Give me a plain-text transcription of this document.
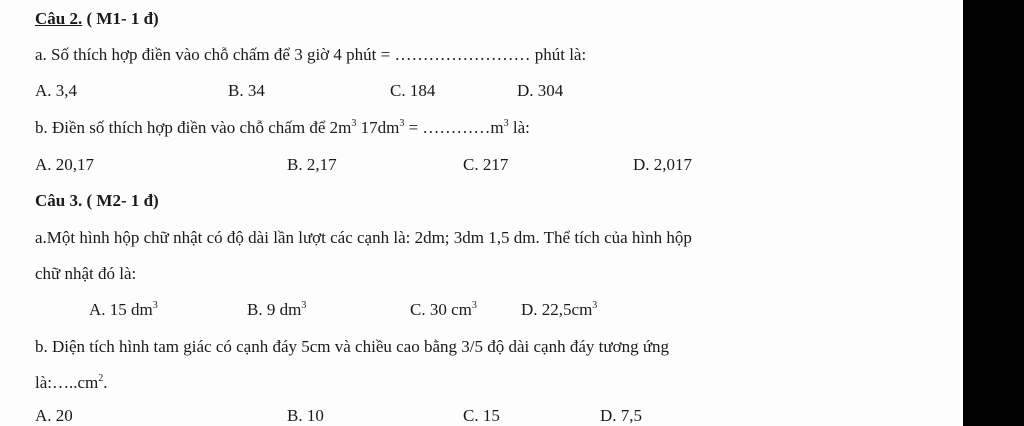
Câu 2. ( M1- 1 đ)
a. Số thích hợp điền vào chỗ chấm để 3 giờ 4 phút = …………………… phút là:
A. 3,4	B. 34	C. 184	D. 304
b. Điền số thích hợp điền vào chỗ chấm để $2m^3$ $17dm^3$ = $\dots\dots\dots\dots m^3$ là:
A. 20,17	B. 2,17	C. 217	D. 2,017
Câu 3. ( M2- 1 đ)
a.Một hình hộp chữ nhật có độ dài lần lượt các cạnh là: 2dm; 3dm 1,5 dm. Thể tích của hình hộp
chữ nhật đó là:
A. 15 $dm^3$	B. 9 $dm^3$	C. 30 $cm^3$	D. $22,5cm^3$
b. Diện tích hình tam giác có cạnh đáy 5cm và chiều cao bằng 3/5 độ dài cạnh đáy tương ứng
$là:\dots..cm^2$.
A. 20	B. 10	C. 15	D. 7,5
